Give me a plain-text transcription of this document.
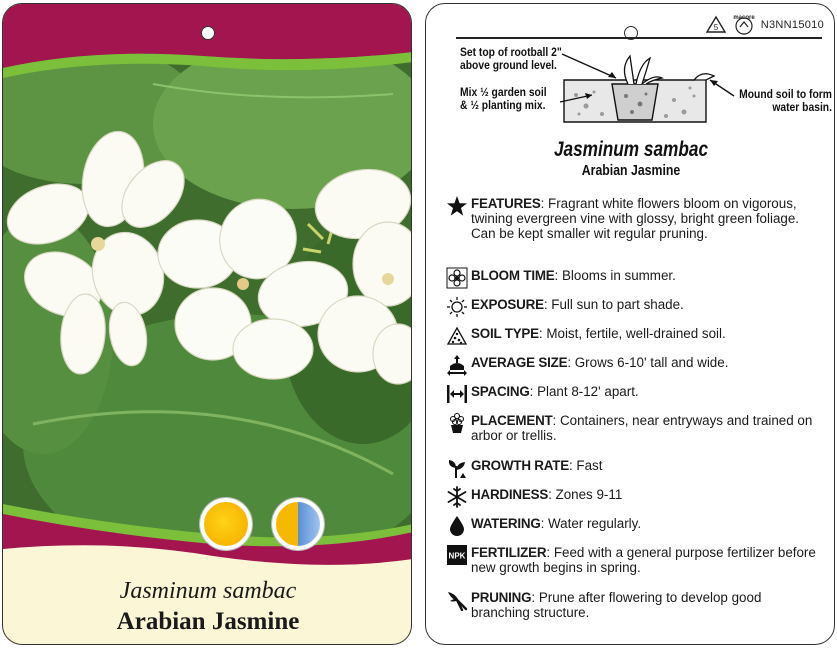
Jasminum sambac
Arabian Jasmine
5
macore
N3NN15010
Set top of rootball 2"
above ground level.
Mix ½ garden soil
& ½ planting mix.
Mound soil to form
water basin.
Jasminum sambac
Arabian Jasmine
FEATURES: Fragrant white flowers bloom on vigorous, twining evergreen vine with glossy, bright green foliage. Can be kept smaller wit regular pruning.
BLOOM TIME: Blooms in summer.
EXPOSURE: Full sun to part shade.
SOIL TYPE: Moist, fertile, well-drained soil.
AVERAGE SIZE: Grows 6-10' tall and wide.
SPACING: Plant 8-12' apart.
PLACEMENT: Containers, near entryways and trained on arbor or trellis.
GROWTH RATE: Fast
HARDINESS: Zones 9-11
WATERING: Water regularly.
NPK FERTILIZER: Feed with a general purpose fertilizer before new growth begins in spring.
PRUNING: Prune after flowering to develop good branching structure.
